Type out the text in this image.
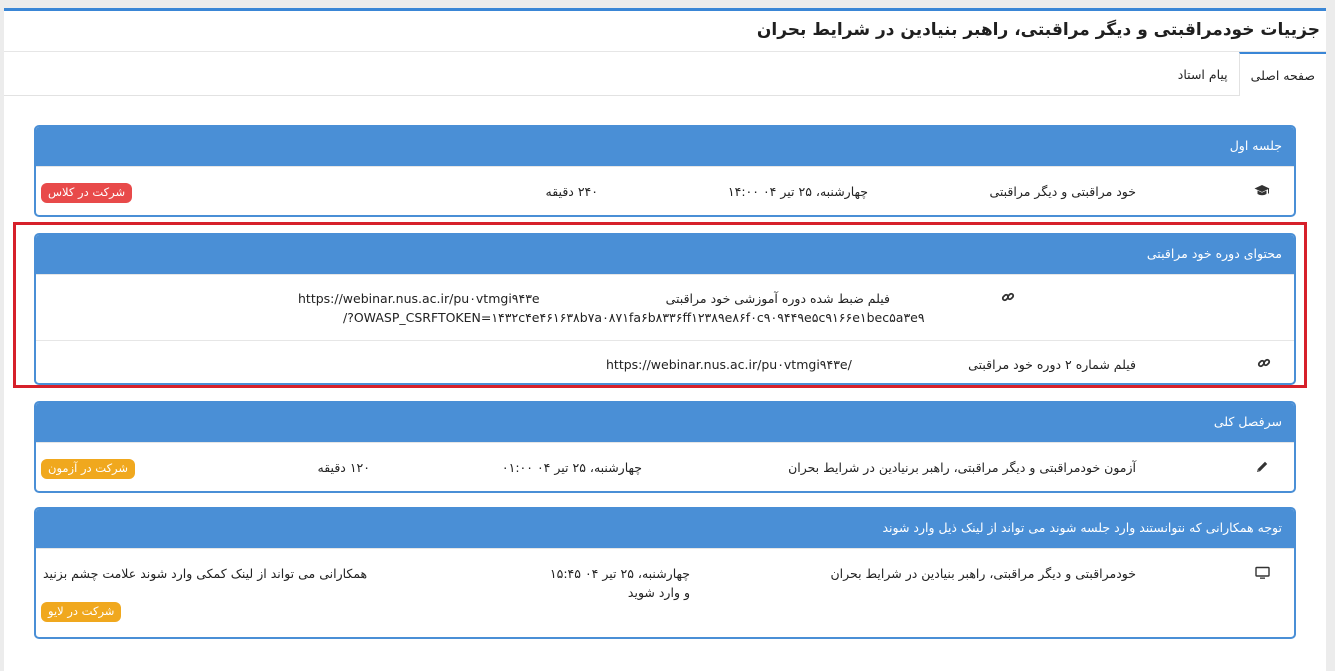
جزییات خودمراقبتی و دیگر مراقبتی، راهبر بنیادین در شرایط بحران
صفحه اصلی
پیام استاد
جلسه اول
خود مراقبتی و دیگر مراقبتی
چهارشنبه، ۲۵ تیر ۰۴ ۱۴:۰۰
۲۴۰ دقیقه
شرکت در کلاس
محتوای دوره خود مراقبتی
فیلم ضبط شده دوره آموزشی خود مراقبتی
https://webinar.nus.ac.ir/pu۰vtmgi۹۴۳e
/?OWASP_CSRFTOKEN=۱۴۳۲c۴e۴۶۱۶۳۸b۷a۰۸۷۱fa۶b۸۳۳۶ff۱۲۳۸۹e۸۶f۰c۹۰۹۴۴۹e۵c۹۱۶۶e۱bec۵a۳e۹
فیلم شماره ۲ دوره خود مراقبتی
https://webinar.nus.ac.ir/pu۰vtmgi۹۴۳e/
سرفصل کلی
آزمون خودمراقبتی و دیگر مراقبتی، راهبر برنیادین در شرایط بحران
چهارشنبه، ۲۵ تیر ۰۴ ۰۱:۰۰
۱۲۰ دقیقه
شرکت در آزمون
توجه همکارانی که نتوانستند وارد جلسه شوند می تواند از لینک ذیل وارد شوند
خودمراقبتی و دیگر مراقبتی، راهبر بنیادین در شرایط بحران
چهارشنبه، ۲۵ تیر ۰۴ ۱۵:۴۵
و وارد شوید
همکارانی می تواند از لینک کمکی وارد شوند علامت چشم بزنید
شرکت در لایو
